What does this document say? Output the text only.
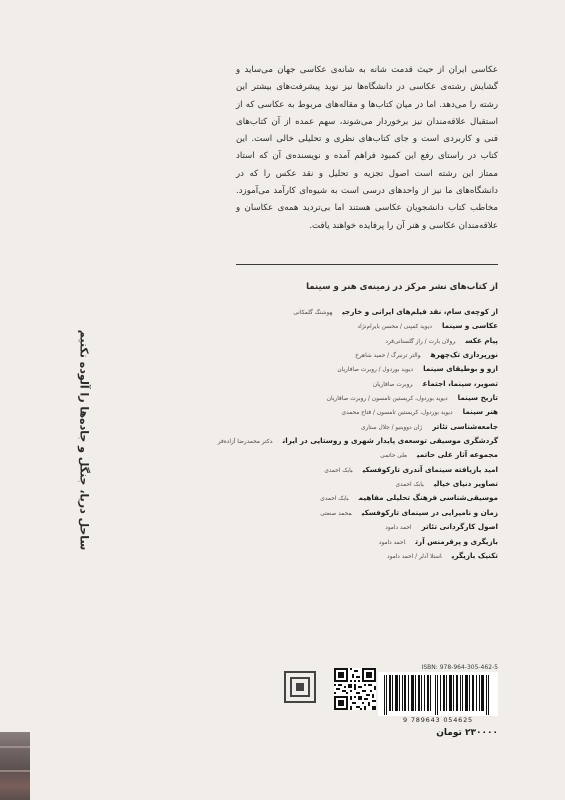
عکاسی ایران از حیث قدمت شانه به شانه‌ی عکاسی جهان می‌ساید و گشایش رشته‌ی عکاسی در دانشگاه‌ها نیز نوید پیشرفت‌های بیشتر این رشته را می‌دهد. اما در میان کتاب‌ها و مقاله‌های مربوط به عکاسی که از استقبال علاقه‌مندان نیز برخوردار می‌شوند، سهم عمده از آن کتاب‌های فنی و کاربردی است و جای کتاب‌های نظری و تحلیلی خالی است. این کتاب در راستای رفع این کمبود فراهم آمده و نویسنده‌ی آن که استاد ممتاز این رشته است اصول تجزیه و تحلیل و نقد عکس را که در دانشگاه‌های ما نیز از واحدهای درسی است به شیوه‌ای کارآمد می‌آموزد. مخاطب کتاب دانشجویان عکاسی هستند اما بی‌تردید همه‌ی عکاسان و علاقه‌مندان عکاسی و هنر آن را پرفایده خواهند یافت.

از کتاب‌های نشر مرکز در زمینه‌ی هنر و سینما

از کوچه‌ی سام، نقد فیلم‌های ایرانی و خارجیهوشنگ گلمکانی
عکاسی و سینمادیوید کمپنی / محسن بایرام‌نژاد
پیام عکسرولان بارت / راز گلستانی‌فرد
نورپردازی تک‌چهرهوالتر ترنبرگ / حمید شاهرخ
ازو و بوطیقای سینمادیوید بوردول / روبرت صافاریان
تصویر، سینما، اجتماعروبرت صافاریان
تاریخ سینمادیوید بوردول، کریستین تامسون / روبرت صافاریان
هنر سینمادیوید بوردول، کریستین تامسون / فتاح محمدی
جامعه‌شناسی تئاترژان دووینیو / جلال ستاری
گردشگری موسیقی توسعه‌ی پایدار شهری و روستایی در ایراندکتر محمدرضا آزاده‌فر
مجموعه آثار علی حاتمیعلی حاتمی
امید بازیافته سینمای آندری تارکوفسکیبابک احمدی
تصاویر دنیای خیالیبابک احمدی
موسیقی‌شناسی فرهنگ تحلیلی مفاهیمبابک احمدی
زمان و نامیرایی در سینمای تارکوفسکیمحمد صنعتی
اصول کارگردانی تئاتراحمد دامود
بازیگری و پرفرمنس آرتاحمد دامود
تکنیک بازیگریاستلا آدلر / احمد دامود
ساحل دریا، جنگل و جاده‌ها را آلوده نکنیم

ISBN: 978-964-305-462-5

9 789643 054625

۲۳۰۰۰۰ تومان
